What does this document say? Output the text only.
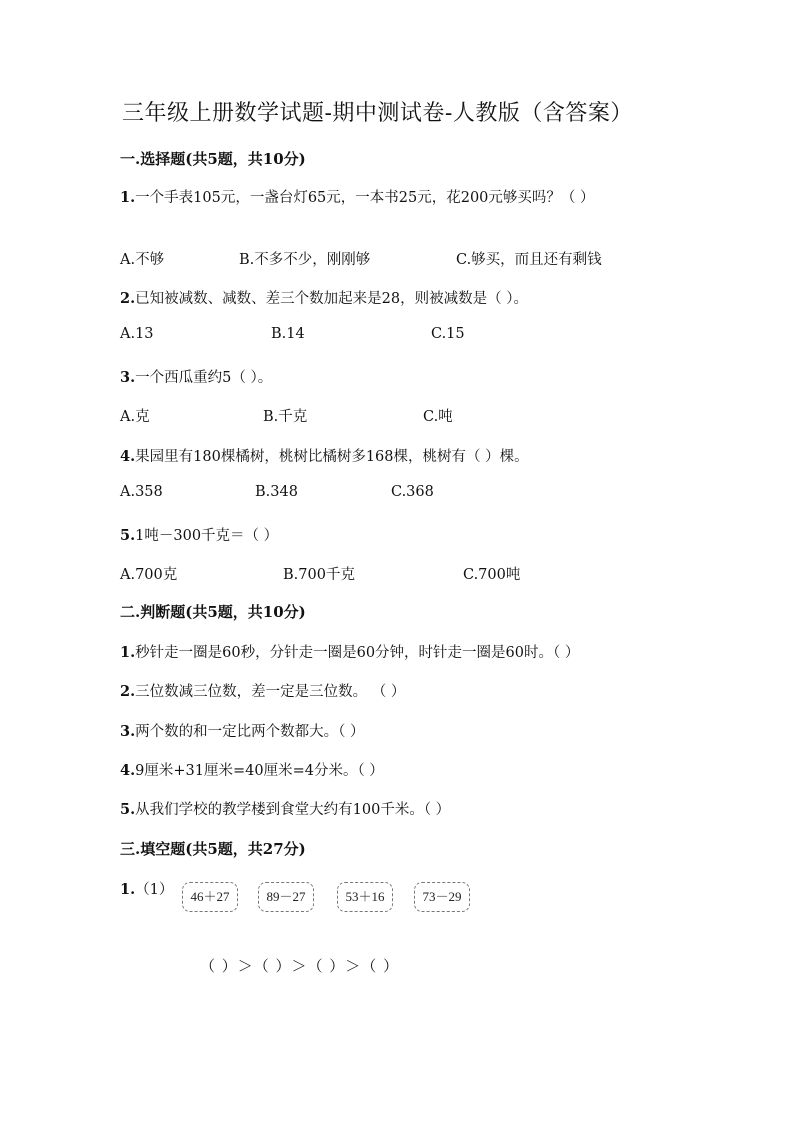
三年级上册数学试题-期中测试卷-人教版（含答案）
一.选择题(共5题，共10分)
1.一个手表105元，一盏台灯65元，一本书25元，花200元够买吗？（ ）
A.不够	B.不多不少，刚刚够	C.够买，而且还有剩钱
2.已知被减数、减数、差三个数加起来是28，则被减数是（ ）。
A.13	B.14	C.15
3.一个西瓜重约5（ ）。
A.克	B.千克	C.吨
4.果园里有180棵橘树，桃树比橘树多168棵，桃树有（ ）棵。
A.358	B.348	C.368
5.1吨－300千克＝（ ）
A.700克	B.700千克	C.700吨
二.判断题(共5题，共10分)
1.秒针走一圈是60秒，分针走一圈是60分钟，时针走一圈是60时。（ ）
2.三位数减三位数，差一定是三位数。 （ ）
3.两个数的和一定比两个数都大。（ ）
4.9厘米+31厘米=40厘米=4分米。（ ）
5.从我们学校的教学楼到食堂大约有100千米。（ ）
三.填空题(共5题，共27分)
1.（1）	46＋27	89－27	53＋16	73－29
（ ）＞（ ）＞（ ）＞（ ）
